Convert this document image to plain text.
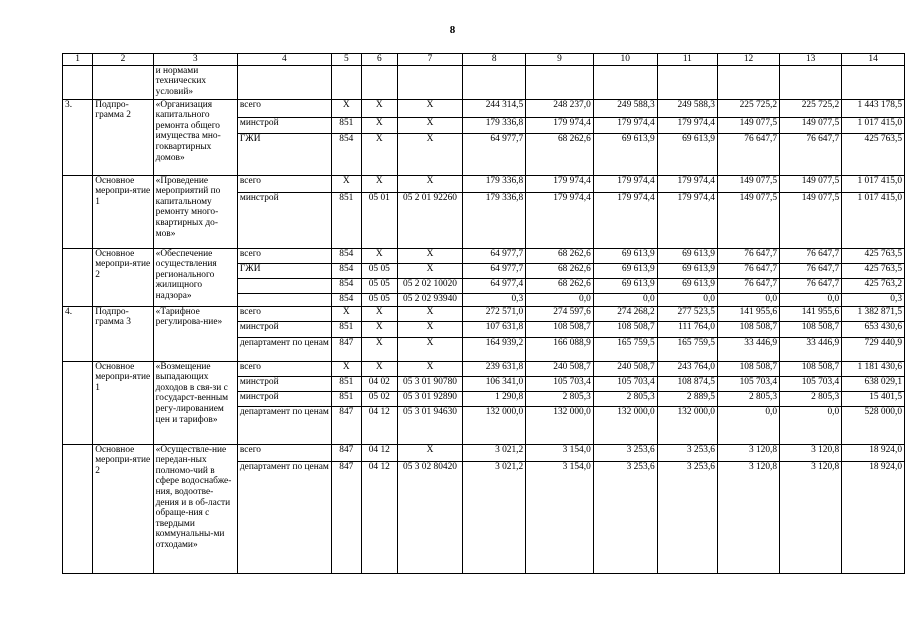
8
1	2	3	4	5	6	7	8	9	10	11	12	13	14
		и нормами технических условий»											
3.	Подпро-грамма 2	«Организация капитального ремонта общего имущества мно-гоквартирных домов»	всего	X	X	X	244 314,5	248 237,0	249 588,3	249 588,3	225 725,2	225 725,2	1 443 178,5
			минстрой	851	X	X	179 336,8	179 974,4	179 974,4	179 974,4	149 077,5	149 077,5	1 017 415,0
			ГЖИ	854	X	X	64 977,7	68 262,6	69 613,9	69 613,9	76 647,7	76 647,7	425 763,5
	Основное меропри-ятие 1	«Проведение мероприятий по капитальному ремонту много-квартирных до-мов»	всего	X	X	X	179 336,8	179 974,4	179 974,4	179 974,4	149 077,5	149 077,5	1 017 415,0
			минстрой	851	05 01	05 2 01 92260	179 336,8	179 974,4	179 974,4	179 974,4	149 077,5	149 077,5	1 017 415,0
	Основное меропри-ятие 2	«Обеспечение осуществления регионального жилищного надзора»	всего	854	X	X	64 977,7	68 262,6	69 613,9	69 613,9	76 647,7	76 647,7	425 763,5
			ГЖИ	854	05 05	X	64 977,7	68 262,6	69 613,9	69 613,9	76 647,7	76 647,7	425 763,5
				854	05 05	05 2 02 10020	64 977,4	68 262,6	69 613,9	69 613,9	76 647,7	76 647,7	425 763,2
				854	05 05	05 2 02 93940	0,3	0,0	0,0	0,0	0,0	0,0	0,3
4.	Подпро-грамма 3	«Тарифное регулирова-ние»	всего	X	X	X	272 571,0	274 597,6	274 268,2	277 523,5	141 955,6	141 955,6	1 382 871,5
			минстрой	851	X	X	107 631,8	108 508,7	108 508,7	111 764,0	108 508,7	108 508,7	653 430,6
			департамент по ценам	847	X	X	164 939,2	166 088,9	165 759,5	165 759,5	33 446,9	33 446,9	729 440,9
	Основное меропри-ятие 1	«Возмещение выпадающих доходов в свя-зи с государст-венным регу-лированием цен и тарифов»	всего	X	X	X	239 631,8	240 508,7	240 508,7	243 764,0	108 508,7	108 508,7	1 181 430,6
			минстрой	851	04 02	05 3 01 90780	106 341,0	105 703,4	105 703,4	108 874,5	105 703,4	105 703,4	638 029,1
			минстрой	851	05 02	05 3 01 92890	1 290,8	2 805,3	2 805,3	2 889,5	2 805,3	2 805,3	15 401,5
			департамент по ценам	847	04 12	05 3 01 94630	132 000,0	132 000,0	132 000,0	132 000,0	0,0	0,0	528 000,0
	Основное меропри-ятие 2	«Осуществле-ние передан-ных полномо-чий в сфере водоснабже-ния, водоотве-дения и в об-ласти обраще-ния с твердыми коммунальны-ми отходами»	всего	847	04 12	X	3 021,2	3 154,0	3 253,6	3 253,6	3 120,8	3 120,8	18 924,0
			департамент по ценам	847	04 12	05 3 02 80420	3 021,2	3 154,0	3 253,6	3 253,6	3 120,8	3 120,8	18 924,0
